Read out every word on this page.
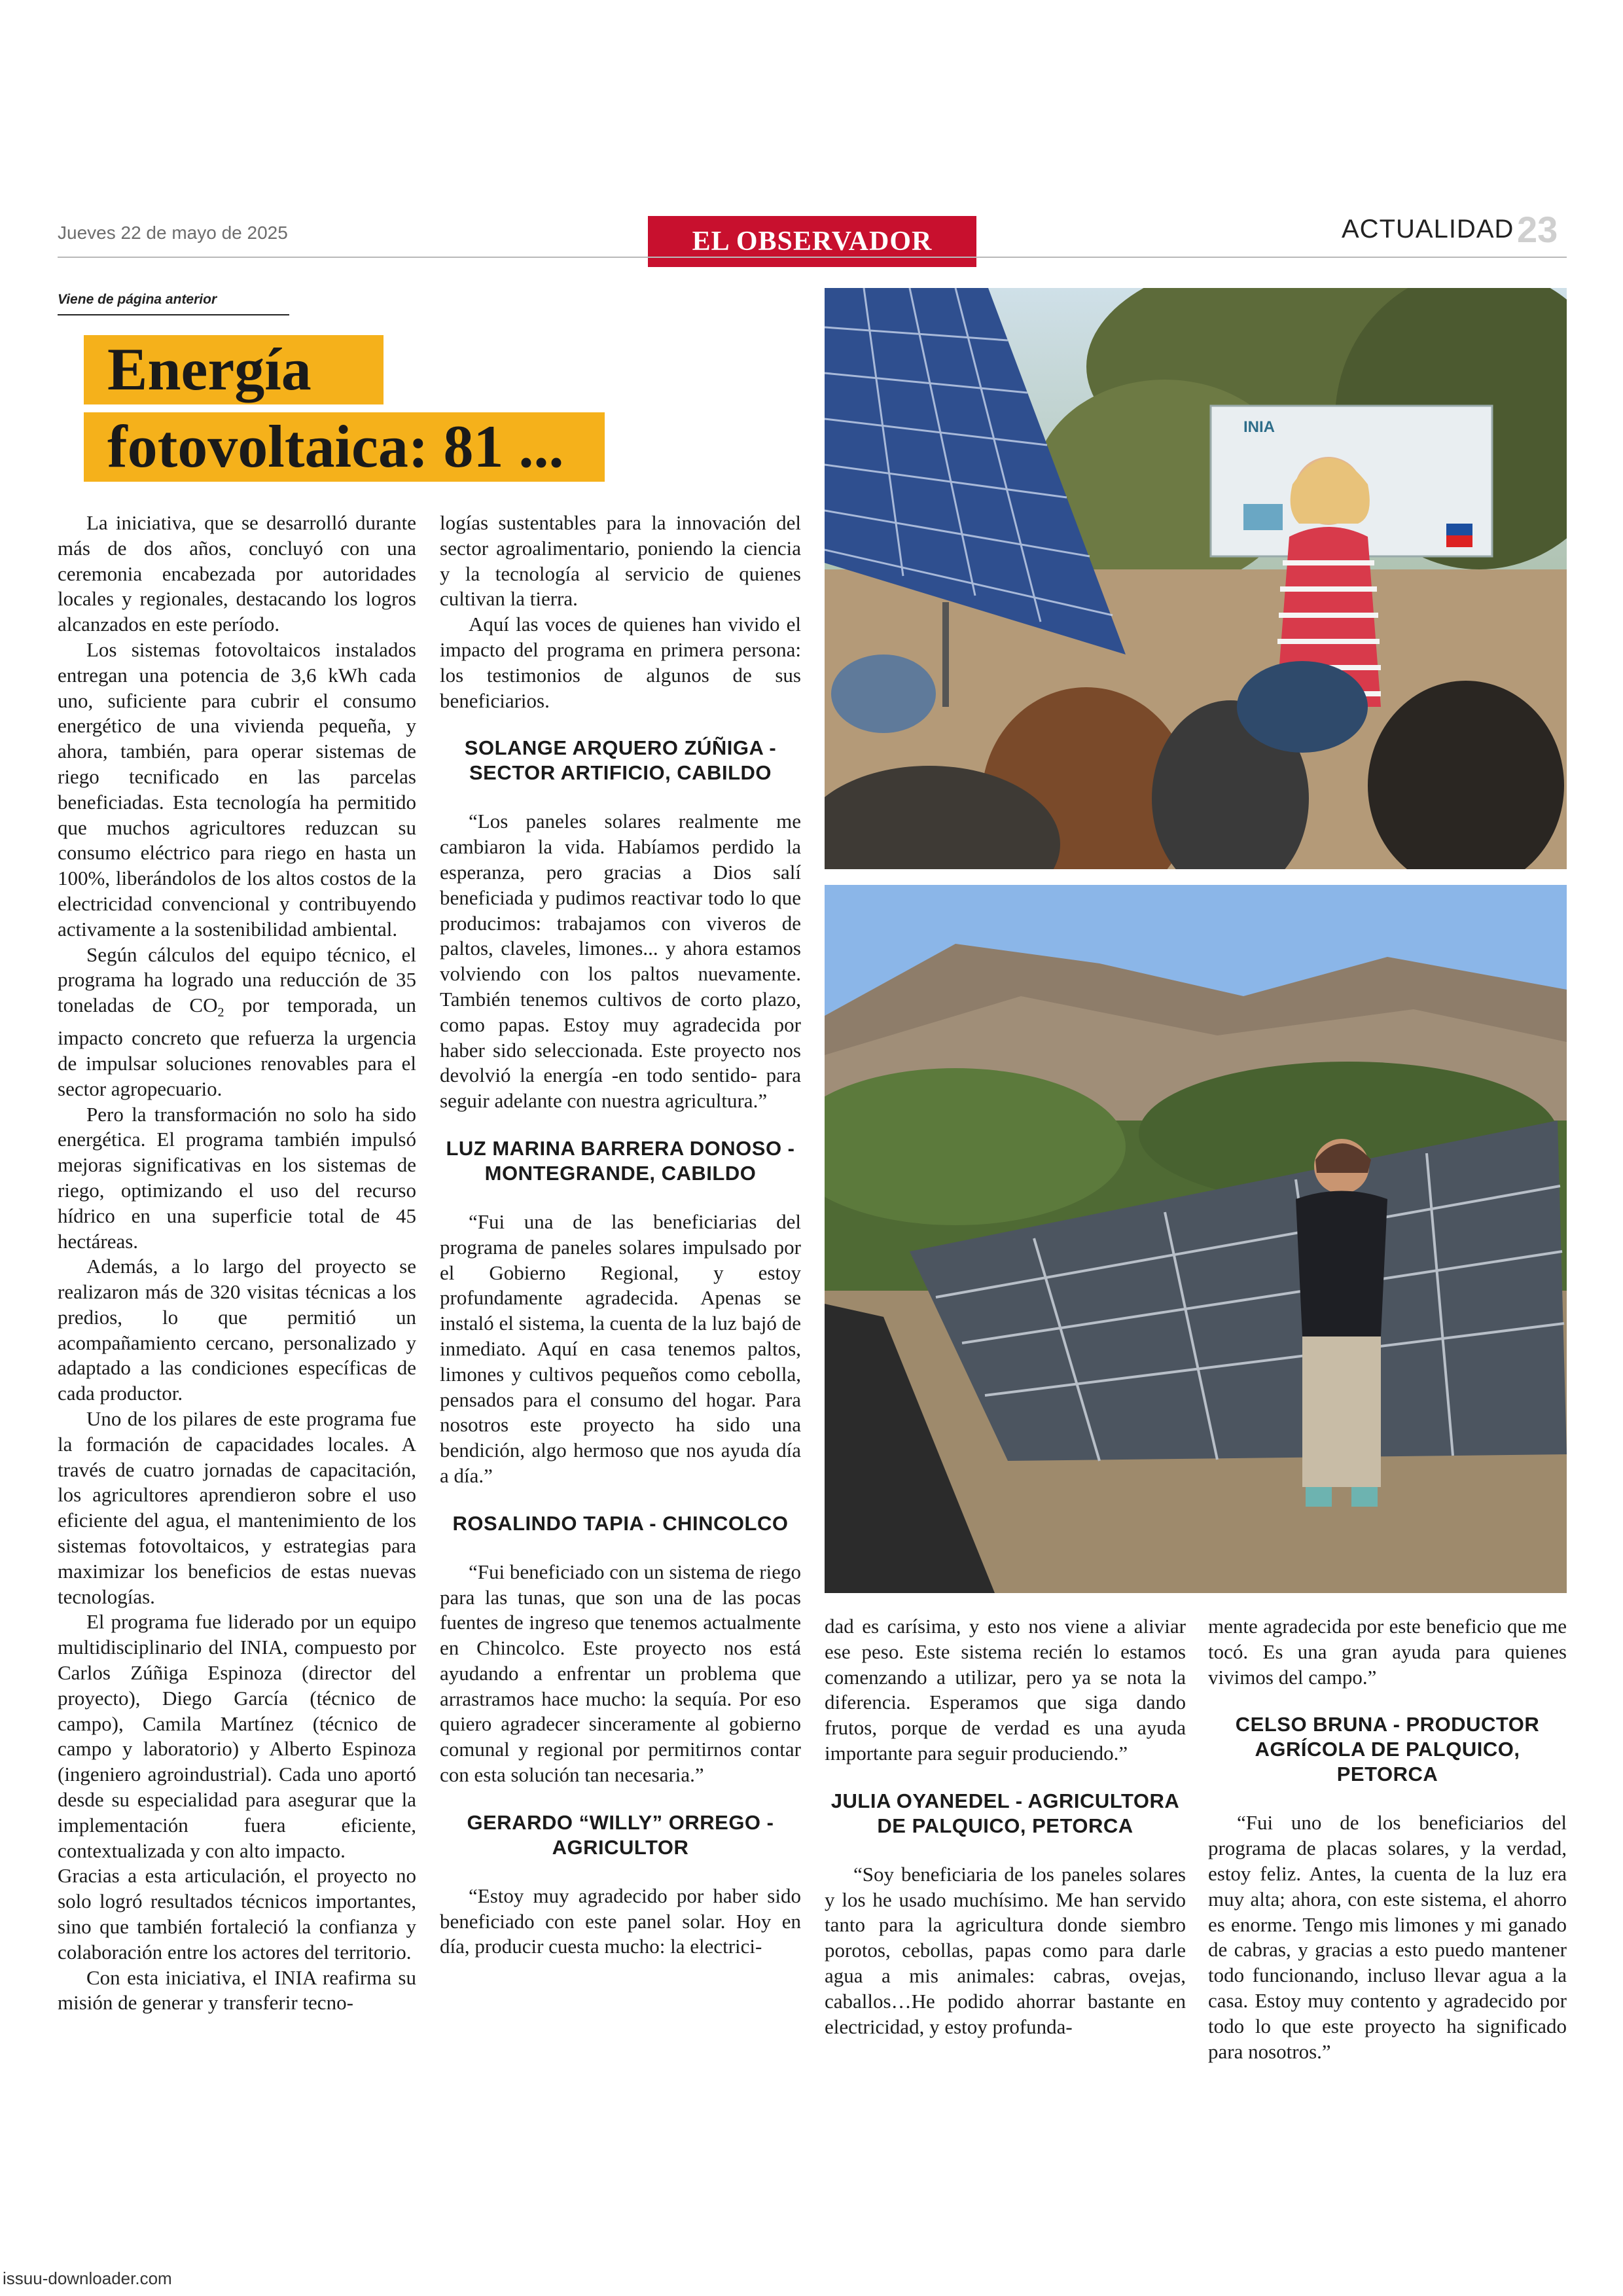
Jueves 22 de mayo de 2025	EL OBSERVADOR	ACTUALIDAD 23
Viene de página anterior
Energía
fotovoltaica: 81 ...

La iniciativa, que se desarrolló durante más de dos años, concluyó con una ceremonia encabezada por autoridades locales y regionales, destacando los logros alcanzados en este período.

Los sistemas fotovoltaicos instalados entregan una potencia de 3,6 kWh cada uno, suficiente para cubrir el consumo energético de una vivienda pequeña, y ahora, también, para operar sistemas de riego tecnificado en las parcelas beneficiadas. Esta tecnología ha permitido que muchos agricultores reduzcan su consumo eléctrico para riego en hasta un 100%, liberándolos de los altos costos de la electricidad convencional y contribuyendo activamente a la sostenibilidad ambiental.

Según cálculos del equipo técnico, el programa ha logrado una reducción de 35 toneladas de $CO_2$ por temporada, un impacto concreto que refuerza la urgencia de impulsar soluciones renovables para el sector agropecuario.

Pero la transformación no solo ha sido energética. El programa también impulsó mejoras significativas en los sistemas de riego, optimizando el uso del recurso hídrico en una superficie total de 45 hectáreas.

Además, a lo largo del proyecto se realizaron más de 320 visitas técnicas a los predios, lo que permitió un acompañamiento cercano, personalizado y adaptado a las condiciones específicas de cada productor.

Uno de los pilares de este programa fue la formación de capacidades locales. A través de cuatro jornadas de capacitación, los agricultores aprendieron sobre el uso eficiente del agua, el mantenimiento de los sistemas fotovoltaicos, y estrategias para maximizar los beneficios de estas nuevas tecnologías.

El programa fue liderado por un equipo multidisciplinario del INIA, compuesto por Carlos Zúñiga Espinoza (director del proyecto), Diego García (técnico de campo), Camila Martínez (técnico de campo y laboratorio) y Alberto Espinoza (ingeniero agroindustrial). Cada uno aportó desde su especialidad para asegurar que la implementación fuera eficiente, contextualizada y con alto impacto.

Gracias a esta articulación, el proyecto no solo logró resultados técnicos importantes, sino que también fortaleció la confianza y colaboración entre los actores del territorio.

Con esta iniciativa, el INIA reafirma su misión de generar y transferir tecno-

logías sustentables para la innovación del sector agroalimentario, poniendo la ciencia y la tecnología al servicio de quienes cultivan la tierra.

Aquí las voces de quienes han vivido el impacto del programa en primera persona: los testimonios de algunos de sus beneficiarios.

SOLANGE ARQUERO ZÚÑIGA - SECTOR ARTIFICIO, CABILDO

“Los paneles solares realmente me cambiaron la vida. Habíamos perdido la esperanza, pero gracias a Dios salí beneficiada y pudimos reactivar todo lo que producimos: trabajamos con viveros de paltos, claveles, limones... y ahora estamos volviendo con los paltos nuevamente. También tenemos cultivos de corto plazo, como papas. Estoy muy agradecida por haber sido seleccionada. Este proyecto nos devolvió la energía -en todo sentido- para seguir adelante con nuestra agricultura.”

LUZ MARINA BARRERA DONOSO - MONTEGRANDE, CABILDO

“Fui una de las beneficiarias del programa de paneles solares impulsado por el Gobierno Regional, y estoy profundamente agradecida. Apenas se instaló el sistema, la cuenta de la luz bajó de inmediato. Aquí en casa tenemos paltos, limones y cultivos pequeños como cebolla, pensados para el consumo del hogar. Para nosotros este proyecto ha sido una bendición, algo hermoso que nos ayuda día a día.”

ROSALINDO TAPIA - CHINCOLCO

“Fui beneficiado con un sistema de riego para las tunas, que son una de las pocas fuentes de ingreso que tenemos actualmente en Chincolco. Este proyecto nos está ayudando a enfrentar un problema que arrastramos hace mucho: la sequía. Por eso quiero agradecer sinceramente al gobierno comunal y regional por permitirnos contar con esta solución tan necesaria.”

GERARDO “WILLY” ORREGO - AGRICULTOR

“Estoy muy agradecido por haber sido beneficiado con este panel solar. Hoy en día, producir cuesta mucho: la electrici-

INIA

dad es carísima, y esto nos viene a aliviar ese peso. Este sistema recién lo estamos comenzando a utilizar, pero ya se nota la diferencia. Esperamos que siga dando frutos, porque de verdad es una ayuda importante para seguir produciendo.”

JULIA OYANEDEL - AGRICULTORA DE PALQUICO, PETORCA

“Soy beneficiaria de los paneles solares y los he usado muchísimo. Me han servido tanto para la agricultura donde siembro porotos, cebollas, papas como para darle agua a mis animales: cabras, ovejas, caballos…He podido ahorrar bastante en electricidad, y estoy profunda-

mente agradecida por este beneficio que me tocó. Es una gran ayuda para quienes vivimos del campo.”

CELSO BRUNA - PRODUCTOR AGRÍCOLA DE PALQUICO, PETORCA

“Fui uno de los beneficiarios del programa de placas solares, y la verdad, estoy feliz. Antes, la cuenta de la luz era muy alta; ahora, con este sistema, el ahorro es enorme. Tengo mis limones y mi ganado de cabras, y gracias a esto puedo mantener todo funcionando, incluso llevar agua a la casa. Estoy muy contento y agradecido por todo lo que este proyecto ha significado para nosotros.”

issuu-downloader.com
